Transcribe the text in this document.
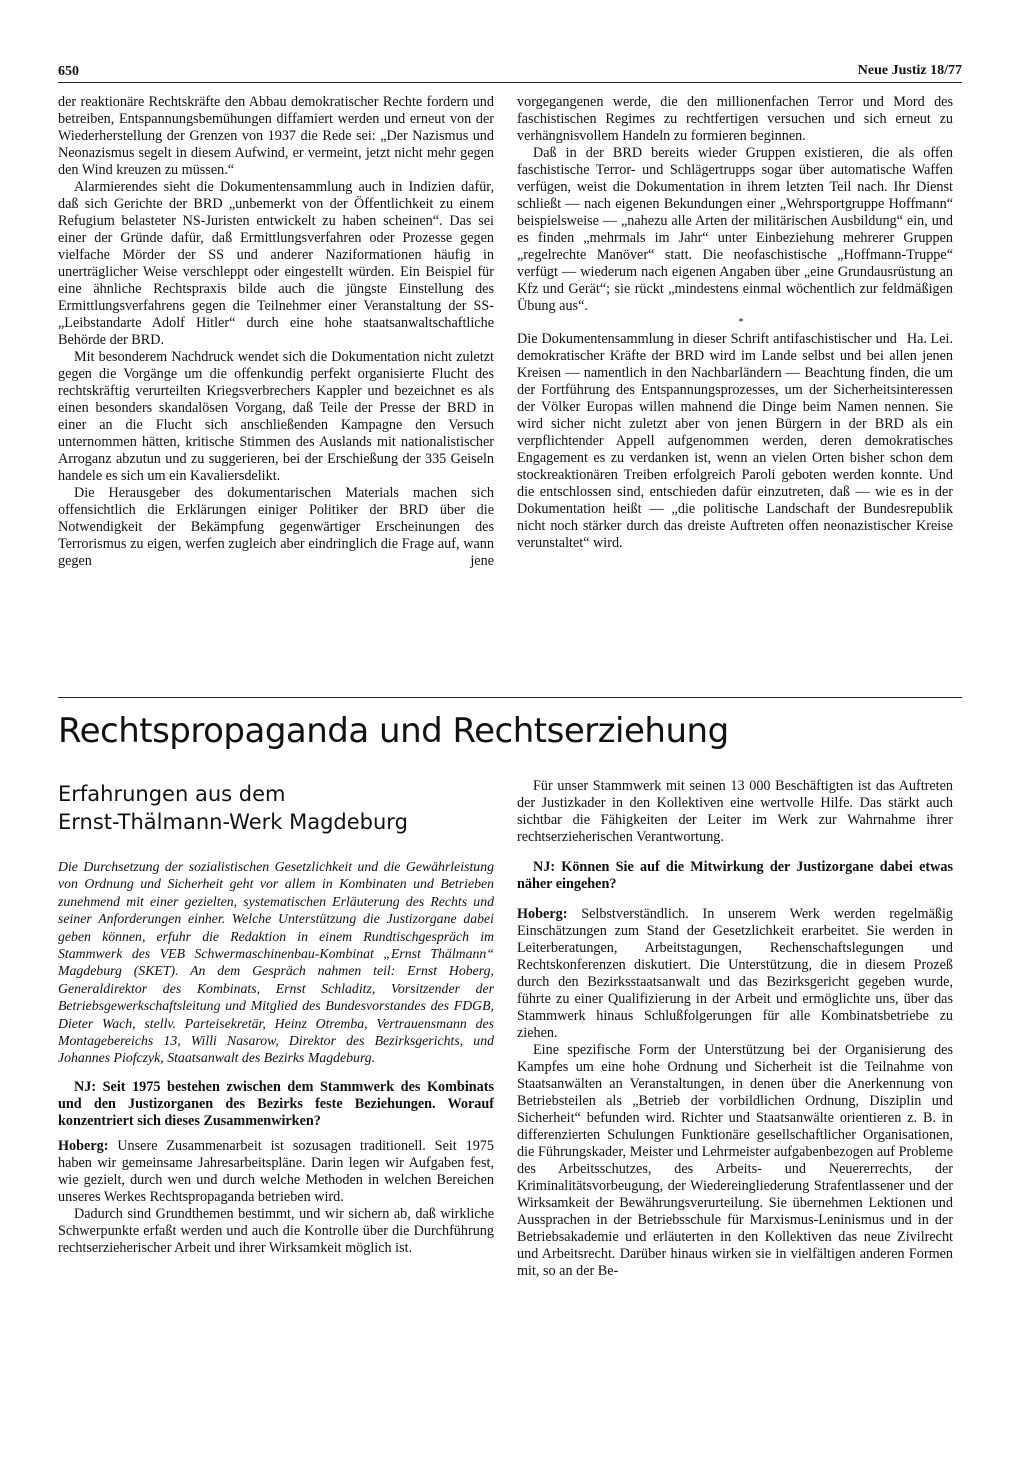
650	Neue Justiz 18/77

der reaktionäre Rechtskräfte den Abbau demokratischer Rechte fordern und betreiben, Entspannungsbemühungen diffamiert werden und erneut von der Wiederherstellung der Grenzen von 1937 die Rede sei: „Der Nazismus und Neonazismus segelt in diesem Aufwind, er vermeint, jetzt nicht mehr gegen den Wind kreuzen zu müssen.“

Alarmierendes sieht die Dokumentensammlung auch in Indizien dafür, daß sich Gerichte der BRD „unbemerkt von der Öffentlichkeit zu einem Refugium belasteter NS-Juristen entwickelt zu haben scheinen“. Das sei einer der Gründe dafür, daß Ermittlungsverfahren oder Prozesse gegen vielfache Mörder der SS und anderer Naziformationen häufig in unerträglicher Weise verschleppt oder eingestellt würden. Ein Beispiel für eine ähnliche Rechtspraxis bilde auch die jüngste Einstellung des Ermittlungsverfahrens gegen die Teilnehmer einer Veranstaltung der SS-„Leibstandarte Adolf Hitler“ durch eine hohe staatsanwaltschaftliche Behörde der BRD.

Mit besonderem Nachdruck wendet sich die Dokumentation nicht zuletzt gegen die Vorgänge um die offenkundig perfekt organisierte Flucht des rechtskräftig verurteilten Kriegsverbrechers Kappler und bezeichnet es als einen besonders skandalösen Vorgang, daß Teile der Presse der BRD in einer an die Flucht sich anschließenden Kampagne den Versuch unternommen hätten, kritische Stimmen des Auslands mit nationalistischer Arroganz abzutun und zu suggerieren, bei der Erschießung der 335 Geiseln handele es sich um ein Kavaliersdelikt.

Die Herausgeber des dokumentarischen Materials machen sich offensichtlich die Erklärungen einiger Politiker der BRD über die Notwendigkeit der Bekämpfung gegenwärtiger Erscheinungen des Terrorismus zu eigen, werfen zugleich aber eindringlich die Frage auf, wann gegen jene

vorgegangenen werde, die den millionenfachen Terror und Mord des faschistischen Regimes zu rechtfertigen versuchen und sich erneut zu verhängnisvollem Handeln zu formieren beginnen.

Daß in der BRD bereits wieder Gruppen existieren, die als offen faschistische Terror- und Schlägertrupps sogar über automatische Waffen verfügen, weist die Dokumentation in ihrem letzten Teil nach. Ihr Dienst schließt — nach eigenen Bekundungen einer „Wehrsportgruppe Hoffmann“ beispielsweise — „nahezu alle Arten der militärischen Ausbildung“ ein, und es finden „mehrmals im Jahr“ unter Einbeziehung mehrerer Gruppen „regelrechte Manöver“ statt. Die neofaschistische „Hoffmann-Truppe“ verfügt — wiederum nach eigenen Angaben über „eine Grundausrüstung an Kfz und Gerät“; sie rückt „mindestens einmal wöchentlich zur feldmäßigen Übung aus“.

*

Ha. Lei.
Die Dokumentensammlung in dieser Schrift antifaschistischer und demokratischer Kräfte der BRD wird im Lande selbst und bei allen jenen Kreisen — namentlich in den Nachbarländern — Beachtung finden, die um der Fortführung des Entspannungsprozesses, um der Sicherheitsinteressen der Völker Europas willen mahnend die Dinge beim Namen nennen. Sie wird sicher nicht zuletzt aber von jenen Bürgern in der BRD als ein verpflichtender Appell aufgenommen werden, deren demokratisches Engagement es zu verdanken ist, wenn an vielen Orten bisher schon dem stockreaktionären Treiben erfolgreich Paroli geboten werden konnte. Und die entschlossen sind, entschieden dafür einzutreten, daß — wie es in der Dokumentation heißt — „die politische Landschaft der Bundesrepublik nicht noch stärker durch das dreiste Auftreten offen neonazistischer Kreise verunstaltet“ wird.

Rechtspropaganda und Rechtserziehung
Erfahrungen aus dem
Ernst-Thälmann-Werk Magdeburg

Die Durchsetzung der sozialistischen Gesetzlichkeit und die Gewährleistung von Ordnung und Sicherheit geht vor allem in Kombinaten und Betrieben zunehmend mit einer gezielten, systematischen Erläuterung des Rechts und seiner Anforderungen einher. Welche Unterstützung die Justizorgane dabei geben können, erfuhr die Redaktion in einem Rundtischgespräch im Stammwerk des VEB Schwermaschinenbau-Kombinat „Ernst Thälmann“ Magdeburg (SKET). An dem Gespräch nahmen teil: Ernst Hoberg, Generaldirektor des Kombinats, Ernst Schladitz, Vorsitzender der Betriebsgewerkschaftsleitung und Mitglied des Bundesvorstandes des FDGB, Dieter Wach, stellv. Parteisekretär, Heinz Otremba, Vertrauensmann des Montagebereichs 13, Willi Nasarow, Direktor des Bezirksgerichts, und Johannes Piofczyk, Staatsanwalt des Bezirks Magdeburg.

NJ: Seit 1975 bestehen zwischen dem Stammwerk des Kombinats und den Justizorganen des Bezirks feste Beziehungen. Worauf konzentriert sich dieses Zusammenwirken?

Hoberg: Unsere Zusammenarbeit ist sozusagen traditionell. Seit 1975 haben wir gemeinsame Jahresarbeitspläne. Darin legen wir Aufgaben fest, wie gezielt, durch wen und durch welche Methoden in welchen Bereichen unseres Werkes Rechtspropaganda betrieben wird.

Dadurch sind Grundthemen bestimmt, und wir sichern ab, daß wirkliche Schwerpunkte erfaßt werden und auch die Kontrolle über die Durchführung rechtserzieherischer Arbeit und ihrer Wirksamkeit möglich ist.

Für unser Stammwerk mit seinen 13 000 Beschäftigten ist das Auftreten der Justizkader in den Kollektiven eine wertvolle Hilfe. Das stärkt auch sichtbar die Fähigkeiten der Leiter im Werk zur Wahrnahme ihrer rechtserzieherischen Verantwortung.

NJ: Können Sie auf die Mitwirkung der Justizorgane dabei etwas näher eingehen?

Hoberg: Selbstverständlich. In unserem Werk werden regelmäßig Einschätzungen zum Stand der Gesetzlichkeit erarbeitet. Sie werden in Leiterberatungen, Arbeitstagungen, Rechenschaftslegungen und Rechtskonferenzen diskutiert. Die Unterstützung, die in diesem Prozeß durch den Bezirksstaatsanwalt und das Bezirksgericht gegeben wurde, führte zu einer Qualifizierung in der Arbeit und ermöglichte uns, über das Stammwerk hinaus Schlußfolgerungen für alle Kombinatsbetriebe zu ziehen.

Eine spezifische Form der Unterstützung bei der Organisierung des Kampfes um eine hohe Ordnung und Sicherheit ist die Teilnahme von Staatsanwälten an Veranstaltungen, in denen über die Anerkennung von Betriebsteilen als „Betrieb der vorbildlichen Ordnung, Disziplin und Sicherheit“ befunden wird. Richter und Staatsanwälte orientieren z. B. in differenzierten Schulungen Funktionäre gesellschaftlicher Organisationen, die Führungskader, Meister und Lehrmeister aufgabenbezogen auf Probleme des Arbeitsschutzes, des Arbeits- und Neuererrechts, der Kriminalitätsvorbeugung, der Wiedereingliederung Strafentlassener und der Wirksamkeit der Bewährungsverurteilung. Sie übernehmen Lektionen und Aussprachen in der Betriebsschule für Marxismus-Leninismus und in der Betriebsakademie und erläuterten in den Kollektiven das neue Zivilrecht und Arbeitsrecht. Darüber hinaus wirken sie in vielfältigen anderen Formen mit, so an der Be-
